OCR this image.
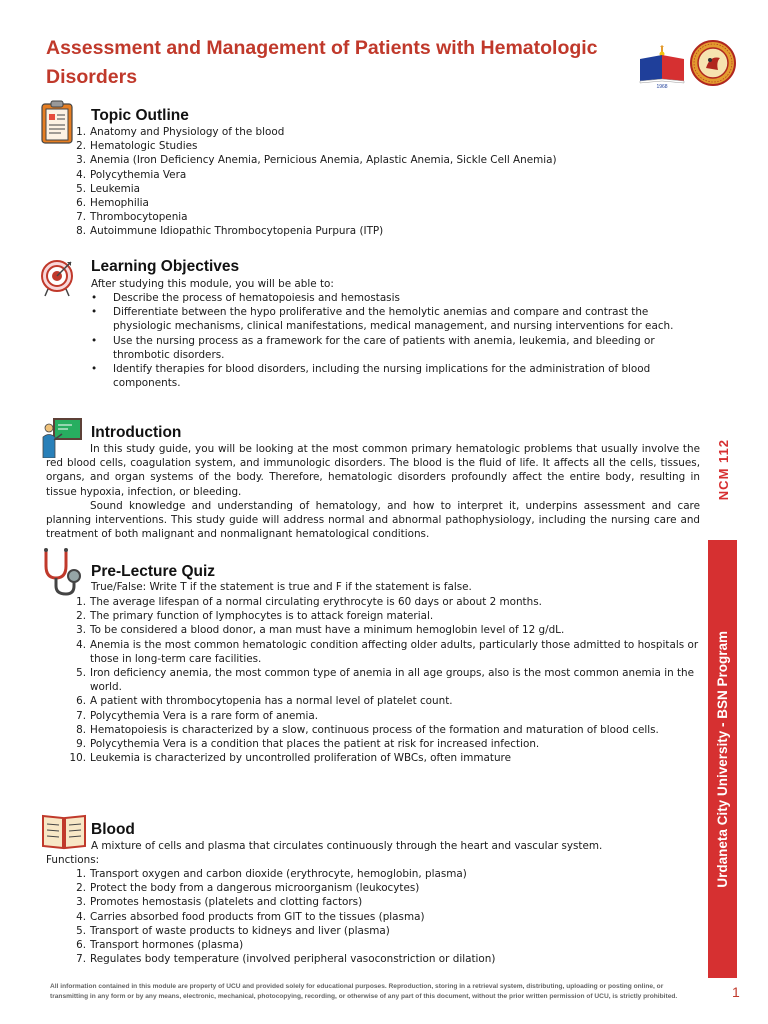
Assessment and Management of Patients with Hematologic Disorders	1968
Topic Outline
1. Anatomy and Physiology of the blood
2. Hematologic Studies
3. Anemia (Iron Deficiency Anemia, Pernicious Anemia, Aplastic Anemia, Sickle Cell Anemia)
4. Polycythemia Vera
5. Leukemia
6. Hemophilia
7. Thrombocytopenia
8. Autoimmune Idiopathic Thrombocytopenia Purpura (ITP)
Learning Objectives
After studying this module, you will be able to:
• Describe the process of hematopoiesis and hemostasis
• Differentiate between the hypo proliferative and the hemolytic anemias and compare and contrast the physiologic mechanisms, clinical manifestations, medical management, and nursing interventions for each.
• Use the nursing process as a framework for the care of patients with anemia, leukemia, and bleeding or thrombotic disorders.
• Identify therapies for blood disorders, including the nursing implications for the administration of blood components.
Introduction

In this study guide, you will be looking at the most common primary hematologic problems that usually involve the red blood cells, coagulation system, and immunologic disorders. The blood is the fluid of life. It affects all the cells, tissues, organs, and organ systems of the body. Therefore, hematologic disorders profoundly affect the entire body, resulting in tissue hypoxia, infection, or bleeding.

Sound knowledge and understanding of hematology, and how to interpret it, underpins assessment and care planning interventions. This study guide will address normal and abnormal pathophysiology, including the nursing care and treatment of both malignant and nonmalignant hematological conditions.

Pre-Lecture Quiz
True/False: Write T if the statement is true and F if the statement is false.
1. The average lifespan of a normal circulating erythrocyte is 60 days or about 2 months.
2. The primary function of lymphocytes is to attack foreign material.
3. To be considered a blood donor, a man must have a minimum hemoglobin level of 12 g/dL.
4. Anemia is the most common hematologic condition affecting older adults, particularly those admitted to hospitals or those in long-term care facilities.
5. Iron deficiency anemia, the most common type of anemia in all age groups, also is the most common anemia in the world.
6. A patient with thrombocytopenia has a normal level of platelet count.
7. Polycythemia Vera is a rare form of anemia.
8. Hematopoiesis is characterized by a slow, continuous process of the formation and maturation of blood cells.
9. Polycythemia Vera is a condition that places the patient at risk for increased infection.
10. Leukemia is characterized by uncontrolled proliferation of WBCs, often immature
Blood
A mixture of cells and plasma that circulates continuously through the heart and vascular system.
Functions:
1. Transport oxygen and carbon dioxide (erythrocyte, hemoglobin, plasma)
2. Protect the body from a dangerous microorganism (leukocytes)
3. Promotes hemostasis (platelets and clotting factors)
4. Carries absorbed food products from GIT to the tissues (plasma)
5. Transport of waste products to kidneys and liver (plasma)
6. Transport hormones (plasma)
7. Regulates body temperature (involved peripheral vasoconstriction or dilation)
NCM 112
Urdaneta City University - BSN Program
All information contained in this module are property of UCU and provided solely for educational purposes. Reproduction, storing in a retrieval system, distributing, uploading or posting online, or transmitting in any form or by any means, electronic, mechanical, photocopying, recording, or otherwise of any part of this document, without the prior written permission of UCU, is strictly prohibited.	1
